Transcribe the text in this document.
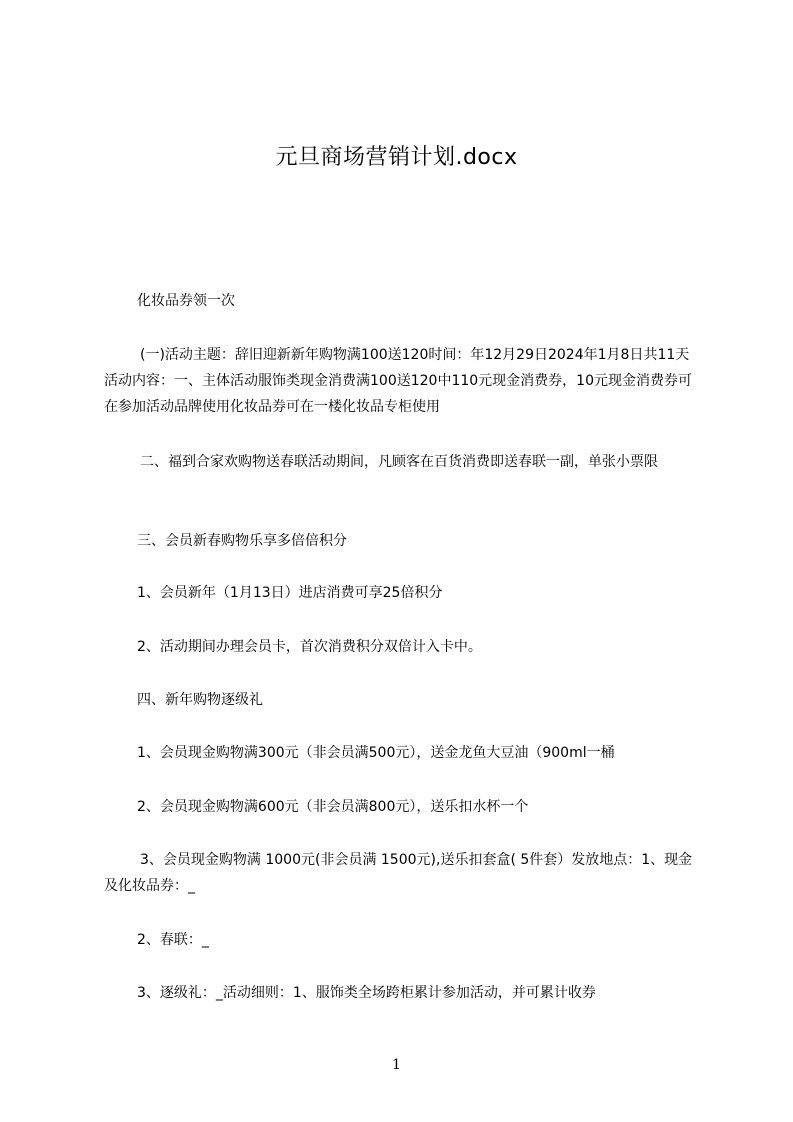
元旦商场营销计划.docx
化妆品券领一次
(一)活动主题：辞旧迎新新年购物满100送120时间：年12月29日2024年1月8日共11天活动内容：一、主体活动服饰类现金消费满100送120中110元现金消费券，10元现金消费券可在参加活动品牌使用化妆品券可在一楼化妆品专柜使用
二、福到合家欢购物送春联活动期间，凡顾客在百货消费即送春联一副，单张小票限
三、会员新春购物乐享多倍倍积分
1、会员新年（1月13日）进店消费可享25倍积分
2、活动期间办理会员卡，首次消费积分双倍计入卡中。
四、新年购物逐级礼
1、会员现金购物满300元（非会员满500元），送金龙鱼大豆油（900ml一桶
2、会员现金购物满600元（非会员满800元），送乐扣水杯一个
3、会员现金购物满 1000元(非会员满 1500元),送乐扣套盒( 5件套）发放地点：1、现金及化妆品券：_
2、春联：_
3、逐级礼：_活动细则：1、服饰类全场跨柜累计参加活动，并可累计收券
1
